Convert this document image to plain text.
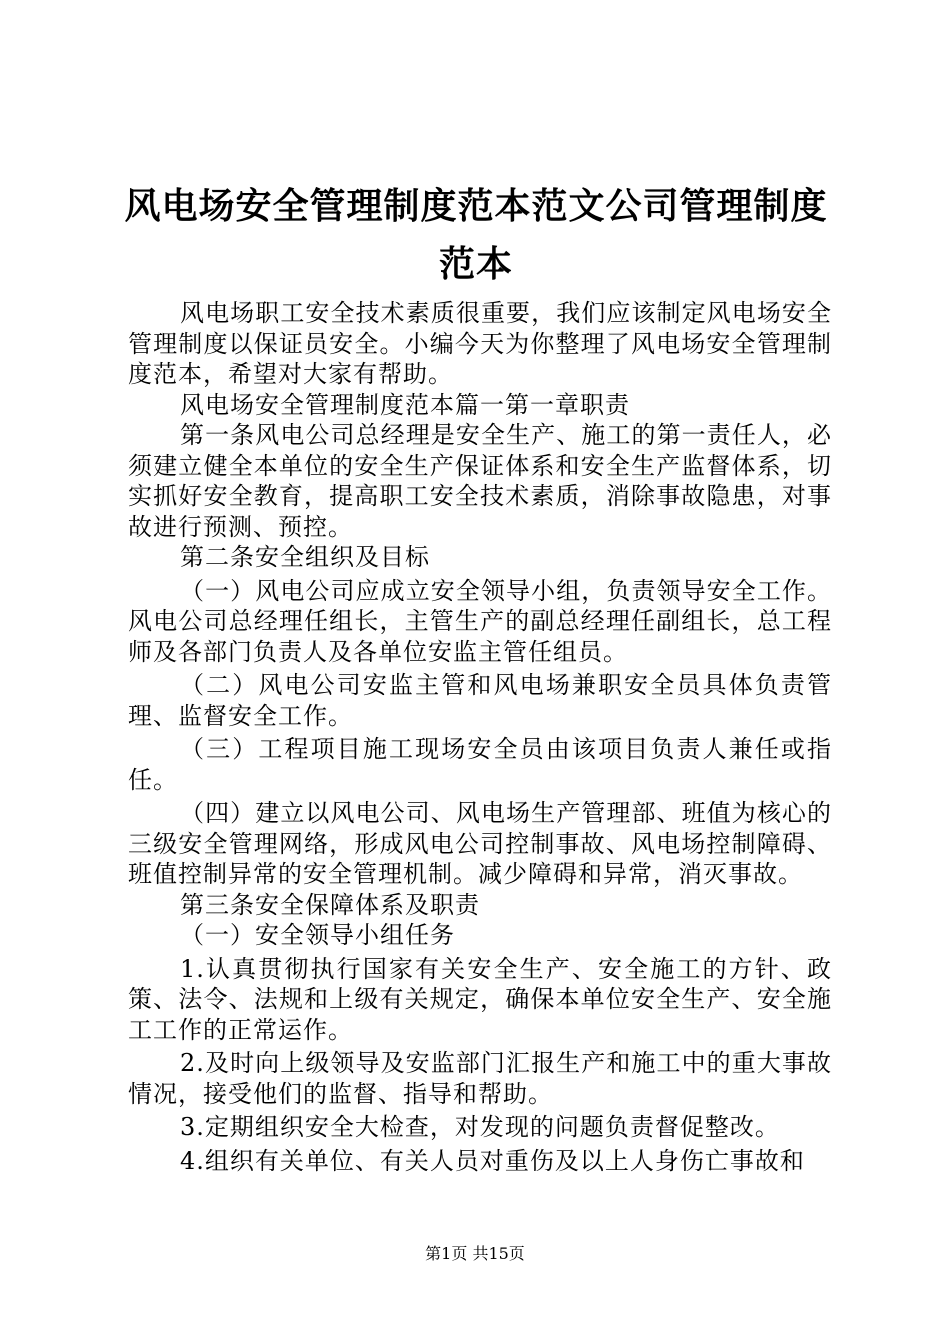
风电场安全管理制度范本范文公司管理制度范本

风电场职工安全技术素质很重要，我们应该制定风电场安全管理制度以保证员安全。小编今天为你整理了风电场安全管理制度范本，希望对大家有帮助。

风电场安全管理制度范本篇一第一章职责

第一条风电公司总经理是安全生产、施工的第一责任人，必须建立健全本单位的安全生产保证体系和安全生产监督体系，切实抓好安全教育，提高职工安全技术素质，消除事故隐患，对事故进行预测、预控。

第二条安全组织及目标

（一）风电公司应成立安全领导小组，负责领导安全工作。风电公司总经理任组长，主管生产的副总经理任副组长，总工程师及各部门负责人及各单位安监主管任组员。

（二）风电公司安监主管和风电场兼职安全员具体负责管理、监督安全工作。

（三）工程项目施工现场安全员由该项目负责人兼任或指任。

（四）建立以风电公司、风电场生产管理部、班值为核心的三级安全管理网络，形成风电公司控制事故、风电场控制障碍、班值控制异常的安全管理机制。减少障碍和异常，消灭事故。

第三条安全保障体系及职责

（一）安全领导小组任务

1.认真贯彻执行国家有关安全生产、安全施工的方针、政策、法令、法规和上级有关规定，确保本单位安全生产、安全施工工作的正常运作。

2.及时向上级领导及安监部门汇报生产和施工中的重大事故情况，接受他们的监督、指导和帮助。

3.定期组织安全大检查，对发现的问题负责督促整改。

4.组织有关单位、有关人员对重伤及以上人身伤亡事故和

第1页 共15页
